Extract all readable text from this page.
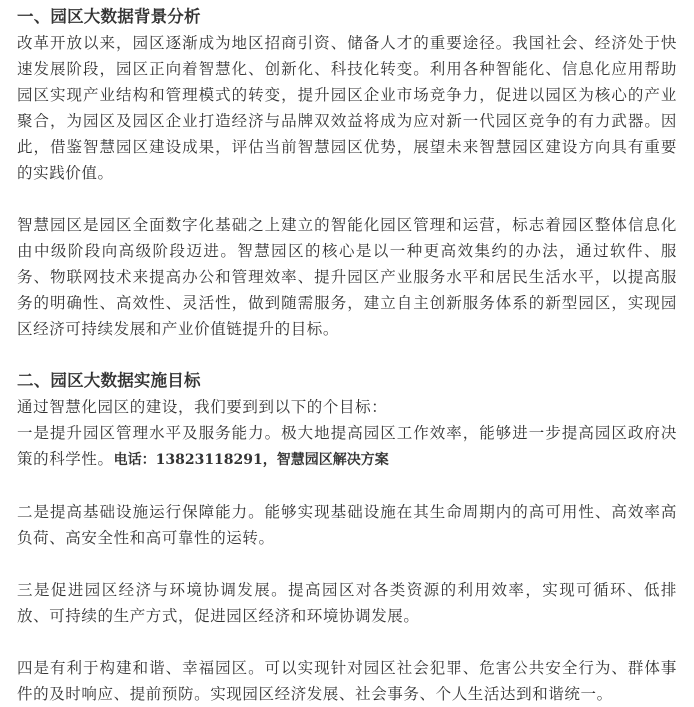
一、园区大数据背景分析

改革开放以来，园区逐渐成为地区招商引资、储备人才的重要途径。我国社会、经济处于快速发展阶段，园区正向着智慧化、创新化、科技化转变。利用各种智能化、信息化应用帮助园区实现产业结构和管理模式的转变，提升园区企业市场竞争力，促进以园区为核心的产业聚合，为园区及园区企业打造经济与品牌双效益将成为应对新一代园区竞争的有力武器。因此，借鉴智慧园区建设成果，评估当前智慧园区优势，展望未来智慧园区建设方向具有重要的实践价值。

智慧园区是园区全面数字化基础之上建立的智能化园区管理和运营，标志着园区整体信息化由中级阶段向高级阶段迈进。智慧园区的核心是以一种更高效集约的办法，通过软件、服务、物联网技术来提高办公和管理效率、提升园区产业服务水平和居民生活水平，以提高服务的明确性、高效性、灵活性，做到随需服务，建立自主创新服务体系的新型园区，实现园区经济可持续发展和产业价值链提升的目标。

二、园区大数据实施目标

通过智慧化园区的建设，我们要到到以下的个目标：

一是提升园区管理水平及服务能力。极大地提高园区工作效率，能够进一步提高园区政府决策的科学性。电话：13823118291，智慧园区解决方案

二是提高基础设施运行保障能力。能够实现基础设施在其生命周期内的高可用性、高效率高负荷、高安全性和高可靠性的运转。

三是促进园区经济与环境协调发展。提高园区对各类资源的利用效率，实现可循环、低排放、可持续的生产方式，促进园区经济和环境协调发展。

四是有利于构建和谐、幸福园区。可以实现针对园区社会犯罪、危害公共安全行为、群体事件的及时响应、提前预防。实现园区经济发展、社会事务、个人生活达到和谐统一。
